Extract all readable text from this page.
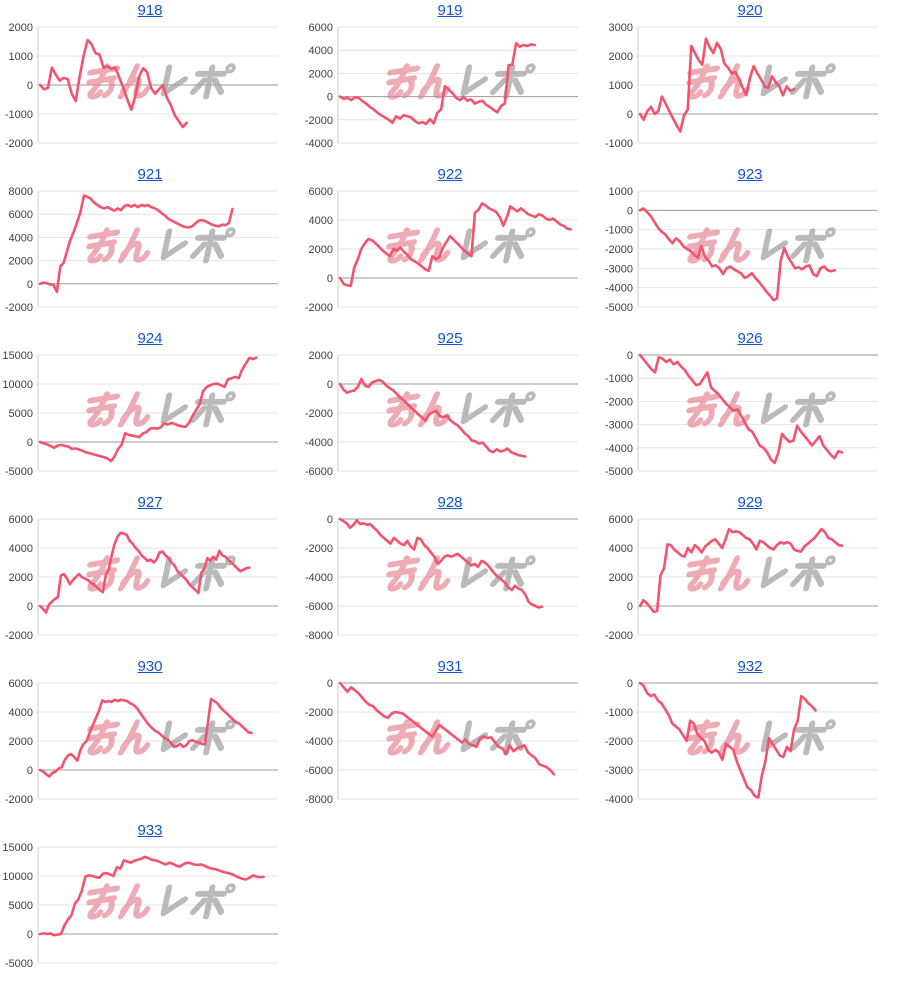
918
2000
1000
0
-1000
-2000
919
6000
4000
2000
0
-2000
-4000
920
3000
2000
1000
0
-1000
921
8000
6000
4000
2000
0
-2000
922
6000
4000
2000
0
-2000
923
1000
0
-1000
-2000
-3000
-4000
-5000
924
15000
10000
5000
0
-5000
925
2000
0
-2000
-4000
-6000
926
0
-1000
-2000
-3000
-4000
-5000
927
6000
4000
2000
0
-2000
928
0
-2000
-4000
-6000
-8000
929
6000
4000
2000
0
-2000
930
6000
4000
2000
0
-2000
931
0
-2000
-4000
-6000
-8000
932
0
-1000
-2000
-3000
-4000
933
15000
10000
5000
0
-5000
